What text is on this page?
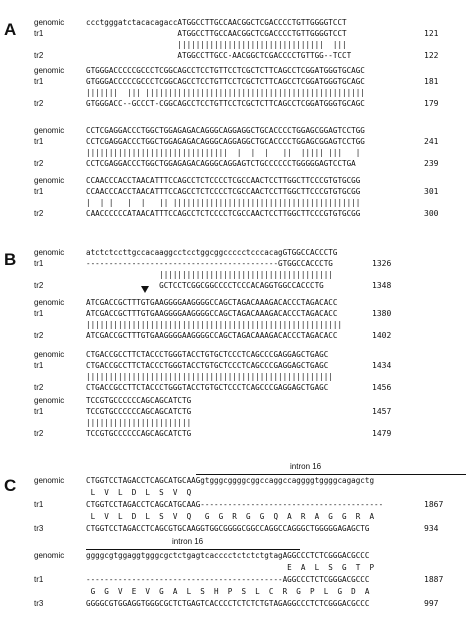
A
B
C
intron 16
intron 16
genomic	ccctgggatctacacagaccATGGCCTTGCCAACGGCTCGACCCCTGTTGGGGTCCT
tr1	ATGGCCTTGCCAACGGCTCGACCCCTGTTGGGGTCCT	121
||||||||||||||||||||||||||||||||  |||
tr2	ATGGCCTTGCC-AACGGCTCGACCCCTGTTGG--TCCT	122
genomic	GTGGGACCCCCGCCCTCGGCAGCCTCCTGTTCCTCGCTCTTCAGCCTCGGATGGGTGCAGC
tr1	GTGGGACCCCCGCCCTCGGCAGCCTCCTGTTCCTCGCTCTTCAGCCTCGGATGGGTGCAGC	181
|||||||  ||| ||||||||||||||||||||||||||||||||||||||||||||||||
tr2	GTGGGACC--GCCCT-CGGCAGCCTCCTGTTCCTCGCTCTTCAGCCTCGGATGGGTGCAGC	179
genomic	CCTCGAGGACCCTGGCTGGAGAGACAGGGCAGGAGGCTGCACCCCTGGAGCGGAGTCCTGG
tr1	CCTCGAGGACCCTGGCTGGAGAGACAGGGCAGGAGGCTGCACCCCTGGAGCGGAGTCCTGG	241
|||||||||||||||||||||||||||||||  |  |  |   ||  ||||| |||   |
tr2	CCTCGAGGACCCTGGCTGGAGAGACAGGGCAGGAGTCTGCCCCCCTGGGGGAGTCCTGA	239
genomic	CCAACCCACCTAACATTTCCAGCCTCTCCCCTCGCCAACTCCTTGGCTTCCCGTGTGCGG
tr1	CCAACCCACCTAACATTTCCAGCCTCTCCCCTCGCCAACTCCTTGGCTTCCCGTGTGCGG	301
|  | |   |  |   || |||||||||||||||||||||||||||||||||||||||||
tr2	CAACCCCCCATAACATTTCCAGCCTCTCCCCTCGCCAACTCCTTGGCTTCCCGTGTGCGG	300
genomic	atctctccttgccacaaggcctcctggcggccccctcccacagGTGGCCACCCTG
tr1	------------------------------------------GTGGCCACCCTG	1326
||||||||||||||||||||||||||||||||||||||
tr2	GCTCCTCGGCGGCCCCTCCCACAGGTGGCCACCCTG	1348
genomic	ATCGACCGCTTTGTGAAGGGGAAGGGGCCAGCTAGACAAAGACACCCTAGACACC
tr1	ATCGACCGCTTTGTGAAGGGGAAGGGGCCAGCTAGACAAAGACACCCTAGACACC	1380
||||||||||||||||||||||||||||||||||||||||||||||||||||||||
tr2	ATCGACCGCTTTGTGAAGGGGAAGGGGCCAGCTAGACAAAGACACCCTAGACACC	1402
genomic	CTGACCGCCTTCTACCCTGGGTACCTGTGCTCCCTCAGCCCGAGGAGCTGAGC
tr1	CTGACCGCCTTCTACCCTGGGTACCTGTGCTCCCTCAGCCCGAGGAGCTGAGC	1434
||||||||||||||||||||||||||||||||||||||||||||||||||||||
tr2	CTGACCGCCTTCTACCCTGGGTACCTGTGCTCCCTCAGCCCGAGGAGCTGAGC	1456
genomic	TCCGTGCCCCCCAGCAGCATCTG
tr1	TCCGTGCCCCCCAGCAGCATCTG	1457
|||||||||||||||||||||||
tr2	TCCGTGCCCCCCAGCAGCATCTG	1479
genomic	CTGGTCCTAGACCTCAGCATGCAAGgtgggcggggcggccaggccaggggtggggcagagctg
L  V  L  D  L  S  V  Q
tr1	CTGGTCCTAGACCTCAGCATGCAAG----------------------------------------	1867
L  V  L  D  L  S  V  Q   G  G  R  G  G  Q  A  R  A  G  G  R  A
tr3	CTGGTCCTAGACCTCAGCGTGCAAGGTGGCGGGGCGGCCAGGCCAGGGCTGGGGGAGAGCTG	934
genomic	ggggcgtggaggtgggcgctctgagtcacccctctctctgtagAGGCCCTCTCGGGACGCCC
E  A  L  S  G  T  P
tr1	-------------------------------------------AGGCCCTCTCGGGACGCCC	1887
G  G  V  E  V  G  A  L  S  H  P  S  L  C  R  G  P  L  G  D  A
tr3	GGGGCGTGGAGGTGGGCGCTCTGAGTCACCCCTCTCTCTGTAGAGGCCCTCTCGGGACGCCC	997
